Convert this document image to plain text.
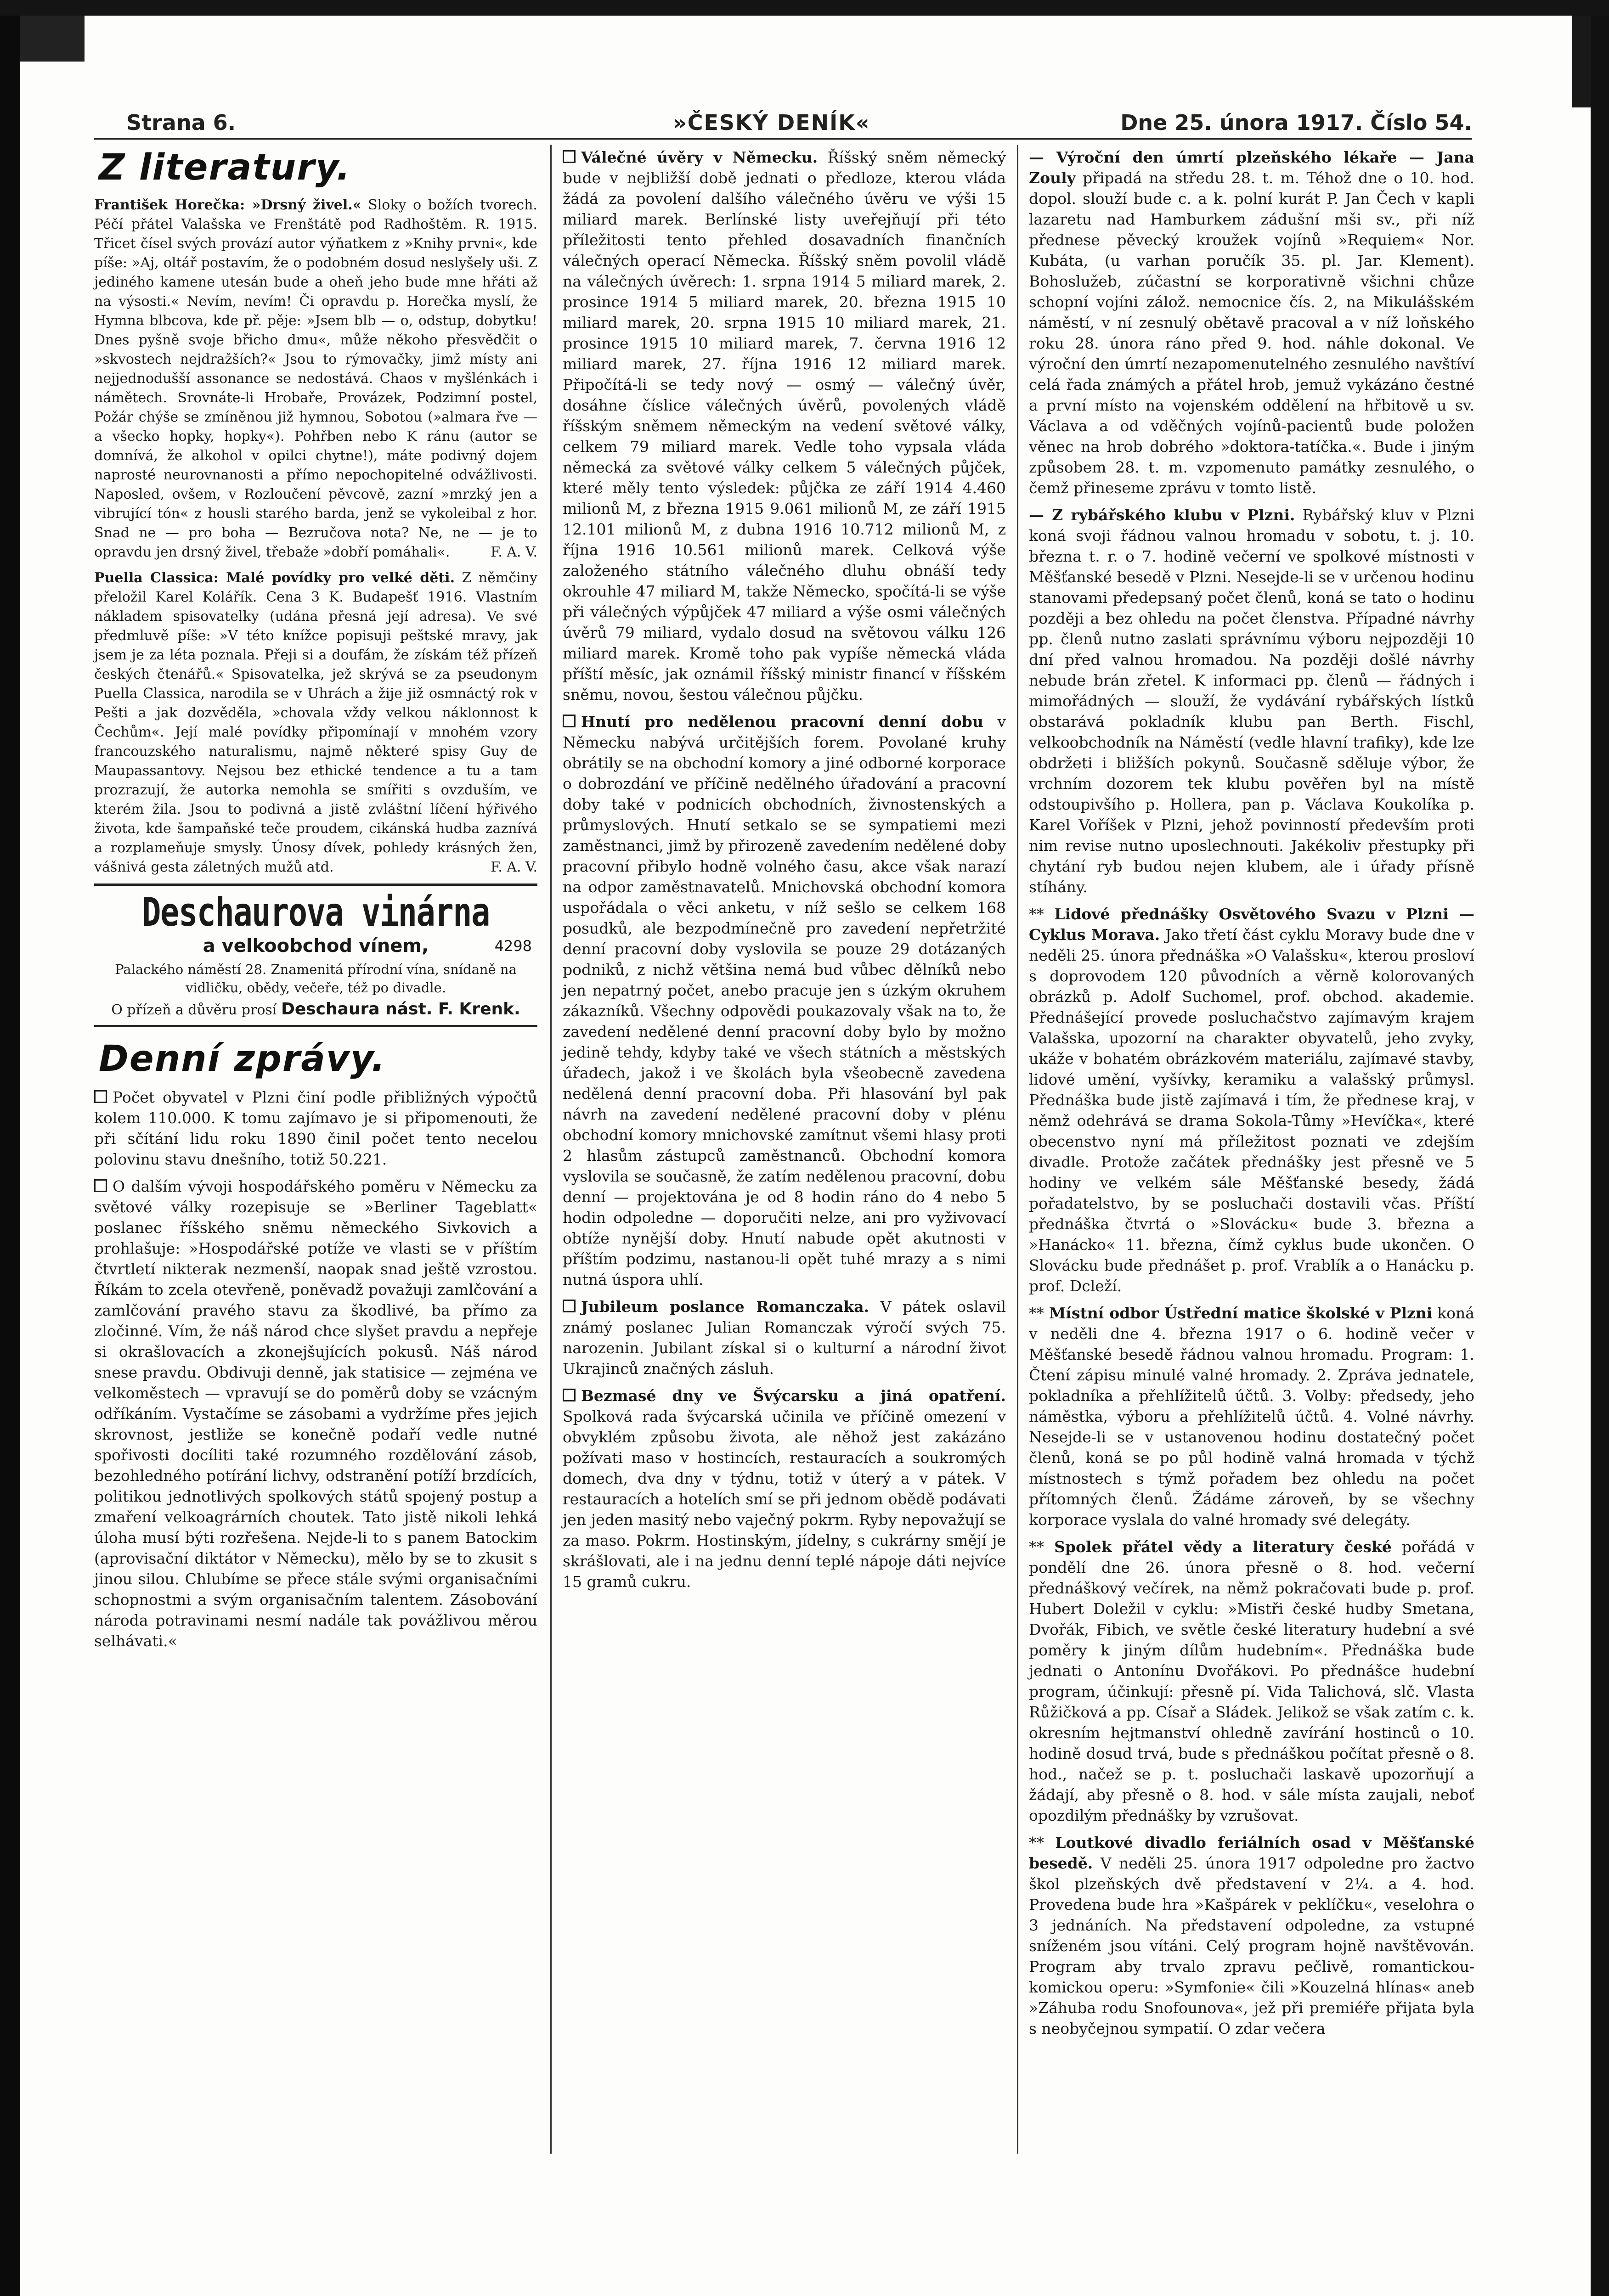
Strana 6.	»ČESKÝ DENÍK«	Dne 25. února 1917. Číslo 54.
Z literatury.

František Horečka: »Drsný živel.« Sloky o božích tvorech. Péčí přátel Valašska ve Frenštátě pod Radhoštěm. R. 1915. Třicet čísel svých provází autor výňatkem z »Knihy prvni«, kde píše: »Aj, oltář postavím, že o podobném dosud neslyšely uši. Z jediného kamene utesán bude a oheň jeho bude mne hřáti až na výsosti.« Nevím, nevím! Či opravdu p. Horečka myslí, že Hymna blbcova, kde př. pěje: »Jsem blb — o, odstup, dobytku! Dnes pyšně svoje břicho dmu«, může někoho přesvědčit o »skvostech nejdražších?« Jsou to rýmovačky, jimž místy ani nejjednodušší assonance se nedostává. Chaos v myšlénkách i námětech. Srovnáte-li Hrobaře, Provázek, Podzimní postel, Požár chýše se zmíněnou již hymnou, Sobotou (»almara řve — a všecko hopky, hopky«). Pohřben nebo K ránu (autor se domnívá, že alkohol v opilci chytne!), máte podivný dojem naprosté neurovnanosti a přímo nepochopitelné odvážlivosti. Naposled, ovšem, v Rozloučení pěvcově, zazní »mrzký jen a vibrující tón« z housli starého barda, jenž se vykoleibal z hor. Snad ne — pro boha — Bezručova nota? Ne, ne — je to opravdu jen drsný živel, třebaže »dobří pomáhali«.	F. A. V.

Puella Classica: Malé povídky pro velké děti. Z němčiny přeložil Karel Kolářík. Cena 3 K. Budapešť 1916. Vlastním nákladem spisovatelky (udána přesná její adresa). Ve své předmluvě píše: »V této knížce popisuji peštské mravy, jak jsem je za léta poznala. Přeji si a doufám, že získám též přízeň českých čtenářů.« Spisovatelka, jež skrývá se za pseudonym Puella Classica, narodila se v Uhrách a žije již osmnáctý rok v Pešti a jak dozvěděla, »chovala vždy velkou náklonnost k Čechům«. Její malé povídky připomínají v mnohém vzory francouzského naturalismu, najmě některé spisy Guy de Maupassantovy. Nejsou bez ethické tendence a tu a tam prozrazují, že autorka nemohla se smířiti s ovzduším, ve kterém žila. Jsou to podivná a jistě zvláštní líčení hýřivého života, kde šampaňské teče proudem, cikánská hudba zaznívá a rozplameňuje smysly. Únosy dívek, pohledy krásných žen, vášnivá gesta záletných mužů atd.	F. A. V.

Deschaurova vinárna
a velkoobchod vínem,	4298
Palackého náměstí 28. Znamenitá přírodní vína, snídaně na vidličku, obědy, večeře, též po divadle.
O přízeň a důvěru prosí Deschaura nást. F. Krenk.
Denní zprávy.

Počet obyvatel v Plzni činí podle přibližných výpočtů kolem 110.000. K tomu zajímavo je si připomenouti, že při sčítání lidu roku 1890 činil počet tento necelou polovinu stavu dnešního, totiž 50.221.

O dalším vývoji hospodářského poměru v Německu za světové války rozepisuje se »Berliner Tageblatt« poslanec říšského sněmu německého Sivkovich a prohlašuje: »Hospodářské potíže ve vlasti se v příštím čtvrtletí nikterak nezmenší, naopak snad ještě vzrostou. Říkám to zcela otevřeně, poněvadž považuji zamlčování a zamlčování pravého stavu za škodlivé, ba přímo za zločinné. Vím, že náš národ chce slyšet pravdu a nepřeje si okrašlovacích a zkonejšujících pokusů. Náš národ snese pravdu. Obdivuji denně, jak statisice — zejména ve velkoměstech — vpravují se do poměrů doby se vzácným odříkáním. Vystačíme se zásobami a vydržíme přes jejich skrovnost, jestliže se konečně podaří vedle nutné spořivosti docíliti také rozumného rozdělování zásob, bezohledného potírání lichvy, odstranění potíží brzdících, politikou jednotlivých spolkových států spojený postup a zmaření velkoagrárních choutek. Tato jistě nikoli lehká úloha musí býti rozřešena. Nejde-li to s panem Batockim (aprovisační diktátor v Německu), mělo by se to zkusit s jinou silou. Chlubíme se přece stále svými organisačními schopnostmi a svým organisačním talentem. Zásobování národa potravinami nesmí nadále tak povážlivou měrou selhávati.«

Válečné úvěry v Německu. Říšský sněm německý bude v nejbližší době jednati o předloze, kterou vláda žádá za povolení dalšího válečného úvěru ve výši 15 miliard marek. Berlínské listy uveřejňují při této příležitosti tento přehled dosavadních finančních válečných operací Německa. Říšský sněm povolil vládě na válečných úvěrech: 1. srpna 1914 5 miliard marek, 2. prosince 1914 5 miliard marek, 20. března 1915 10 miliard marek, 20. srpna 1915 10 miliard marek, 21. prosince 1915 10 miliard marek, 7. června 1916 12 miliard marek, 27. října 1916 12 miliard marek. Připočítá-li se tedy nový — osmý — válečný úvěr, dosáhne číslice válečných úvěrů, povolených vládě říšským sněmem německým na vedení světové války, celkem 79 miliard marek. Vedle toho vypsala vláda německá za světové války celkem 5 válečných půjček, které měly tento výsledek: půjčka ze září 1914 4.460 milionů M, z března 1915 9.061 milionů M, ze září 1915 12.101 milionů M, z dubna 1916 10.712 milionů M, z října 1916 10.561 milionů marek. Celková výše založeného státního válečného dluhu obnáší tedy okrouhle 47 miliard M, takže Německo, spočítá-li se výše při válečných výpůjček 47 miliard a výše osmi válečných úvěrů 79 miliard, vydalo dosud na světovou válku 126 miliard marek. Kromě toho pak vypíše německá vláda příští měsíc, jak oznámil říšský ministr financí v říšském sněmu, novou, šestou válečnou půjčku.

Hnutí pro nedělenou pracovní denní dobu v Německu nabývá určitějších forem. Povolané kruhy obrátily se na obchodní komory a jiné odborné korporace o dobrozdání ve příčině nedělného úřadování a pracovní doby také v podnicích obchodních, živnostenských a průmyslových. Hnutí setkalo se se sympatiemi mezi zaměstnanci, jimž by přirozeně zavedením nedělené doby pracovní přibylo hodně volného času, akce však narazí na odpor zaměstnavatelů. Mnichovská obchodní komora uspořádala o věci anketu, v níž sešlo se celkem 168 posudků, ale bezpodmínečně pro zavedení nepřetržité denní pracovní doby vyslovila se pouze 29 dotázaných podniků, z nichž většina nemá bud vůbec dělníků nebo jen nepatrný počet, anebo pracuje jen s úzkým okruhem zákazníků. Všechny odpovědi poukazovaly však na to, že zavedení nedělené denní pracovní doby bylo by možno jedině tehdy, kdyby také ve všech státních a městských úřadech, jakož i ve školách byla všeobecně zavedena nedělená denní pracovní doba. Při hlasování byl pak návrh na zavedení nedělené pracovní doby v plénu obchodní komory mnichovské zamítnut všemi hlasy proti 2 hlasům zástupců zaměstnanců. Obchodní komora vyslovila se současně, že zatím nedělenou pracovní, dobu denní — projektována je od 8 hodin ráno do 4 nebo 5 hodin odpoledne — doporučiti nelze, ani pro vyživovací obtíže nynější doby. Hnutí nabude opět akutnosti v příštím podzimu, nastanou-li opět tuhé mrazy a s nimi nutná úspora uhlí.

Jubileum poslance Romanczaka. V pátek oslavil známý poslanec Julian Romanczak výročí svých 75. narozenin. Jubilant získal si o kulturní a národní život Ukrajinců značných zásluh.

Bezmasé dny ve Švýcarsku a jiná opatření. Spolková rada švýcarská učinila ve příčině omezení v obvyklém způsobu života, ale něhož jest zakázáno požívati maso v hostincích, restauracích a soukromých domech, dva dny v týdnu, totiž v úterý a v pátek. V restauracích a hotelích smí se při jednom obědě podávati jen jeden masitý nebo vaječný pokrm. Ryby nepovažují se za maso. Pokrm. Hostinským, jídelny, s cukrárny smějí je skrášlovati, ale i na jednu denní teplé nápoje dáti nejvíce 15 gramů cukru.

— Výroční den úmrtí plzeňského lékaře — Jana Zouly připadá na středu 28. t. m. Téhož dne o 10. hod. dopol. slouží bude c. a k. polní kurát P. Jan Čech v kapli lazaretu nad Hamburkem zádušní mši sv., při níž přednese pěvecký kroužek vojínů »Requiem« Nor. Kubáta, (u varhan poručík 35. pl. Jar. Klement). Bohoslužeb, zúčastní se korporativně všichni chůze schopní vojíni zálož. nemocnice čís. 2, na Mikulášském náměstí, v ní zesnulý obětavě pracoval a v níž loňského roku 28. února ráno před 9. hod. náhle dokonal. Ve výroční den úmrtí nezapomenutelného zesnulého navštíví celá řada známých a přátel hrob, jemuž vykázáno čestné a první místo na vojenském oddělení na hřbitově u sv. Václava a od vděčných vojínů-pacientů bude položen věnec na hrob dobrého »doktora-tatíčka.«. Bude i jiným způsobem 28. t. m. vzpomenuto památky zesnulého, o čemž přineseme zprávu v tomto listě.

— Z rybářského klubu v Plzni. Rybářský kluv v Plzni koná svoji řádnou valnou hromadu v sobotu, t. j. 10. března t. r. o 7. hodině večerní ve spolkové místnosti v Měšťanské besedě v Plzni. Nesejde-li se v určenou hodinu stanovami předepsaný počet členů, koná se tato o hodinu později a bez ohledu na počet členstva. Případné návrhy pp. členů nutno zaslati správnímu výboru nejpozději 10 dní před valnou hromadou. Na později došlé návrhy nebude brán zřetel. K informaci pp. členů — řádných i mimořádných — slouží, že vydávání rybářských lístků obstarává pokladník klubu pan Berth. Fischl, velkoobchodník na Náměstí (vedle hlavní trafiky), kde lze obdržeti i bližších pokynů. Současně sděluje výbor, že vrchním dozorem tek klubu pověřen byl na místě odstoupivšího p. Hollera, pan p. Václava Koukolíka p. Karel Voříšek v Plzni, jehož povinností především proti nim revise nutno uposlechnouti. Jakékoliv přestupky při chytání ryb budou nejen klubem, ale i úřady přísně stíhány.

** Lidové přednášky Osvětového Svazu v Plzni — Cyklus Morava. Jako třetí část cyklu Moravy bude dne v neděli 25. února přednáška »O Valašsku«, kterou prosloví s doprovodem 120 původních a věrně kolorovaných obrázků p. Adolf Suchomel, prof. obchod. akademie. Přednášející provede posluchačstvo zajímavým krajem Valašska, upozorní na charakter obyvatelů, jeho zvyky, ukáže v bohatém obrázkovém materiálu, zajímavé stavby, lidové umění, vyšívky, keramiku a valašský průmysl. Přednáška bude jistě zajímavá i tím, že přednese kraj, v němž odehrává se drama Sokola-Tůmy »Hevíčka«, které obecenstvo nyní má příležitost poznati ve zdejším divadle. Protože začátek přednášky jest přesně ve 5 hodiny ve velkém sále Měšťanské besedy, žádá pořadatelstvo, by se posluchači dostavili včas. Příští přednáška čtvrtá o »Slovácku« bude 3. března a »Hanácko« 11. března, čímž cyklus bude ukončen. O Slovácku bude přednášet p. prof. Vrablík a o Hanácku p. prof. Dcleží.

** Místní odbor Ústřední matice školské v Plzni koná v neděli dne 4. března 1917 o 6. hodině večer v Měšťanské besedě řádnou valnou hromadu. Program: 1. Čtení zápisu minulé valné hromady. 2. Zpráva jednatele, pokladníka a přehlížitelů účtů. 3. Volby: předsedy, jeho náměstka, výboru a přehlížitelů účtů. 4. Volné návrhy. Nesejde-li se v ustanovenou hodinu dostatečný počet členů, koná se po půl hodině valná hromada v týchž místnostech s týmž pořadem bez ohledu na počet přítomných členů. Žádáme zároveň, by se všechny korporace vyslala do valné hromady své delegáty.

** Spolek přátel vědy a literatury české pořádá v pondělí dne 26. února přesně o 8. hod. večerní přednáškový večírek, na němž pokračovati bude p. prof. Hubert Doležil v cyklu: »Mistři české hudby Smetana, Dvořák, Fibich, ve světle české literatury hudební a své poměry k jiným dílům hudebním«. Přednáška bude jednati o Antonínu Dvořákovi. Po přednášce hudební program, účinkují: přesně pí. Vida Talichová, slč. Vlasta Růžičková a pp. Císař a Sládek. Jelikož se však zatím c. k. okresním hejtmanství ohledně zavírání hostinců o 10. hodině dosud trvá, bude s přednáškou počítat přesně o 8. hod., načež se p. t. posluchači laskavě upozorňují a žádají, aby přesně o 8. hod. v sále místa zaujali, neboť opozdilým přednášky by vzrušovat.

** Loutkové divadlo feriálních osad v Měšťanské besedě. V neděli 25. února 1917 odpoledne pro žactvo škol plzeňských dvě představení v 2¼. a 4. hod. Provedena bude hra »Kašpárek v peklíčku«, veselohra o 3 jednáních. Na představení odpoledne, za vstupné sníženém jsou vítáni. Celý program hojně navštěvován. Program aby trvalo zpravu pečlivě, romantickou-komickou operu: »Symfonie« čili »Kouzelná hlínas« aneb »Záhuba rodu Snofounova«, jež při premiéře přijata byla s neobyčejnou sympatií. O zdar večera
